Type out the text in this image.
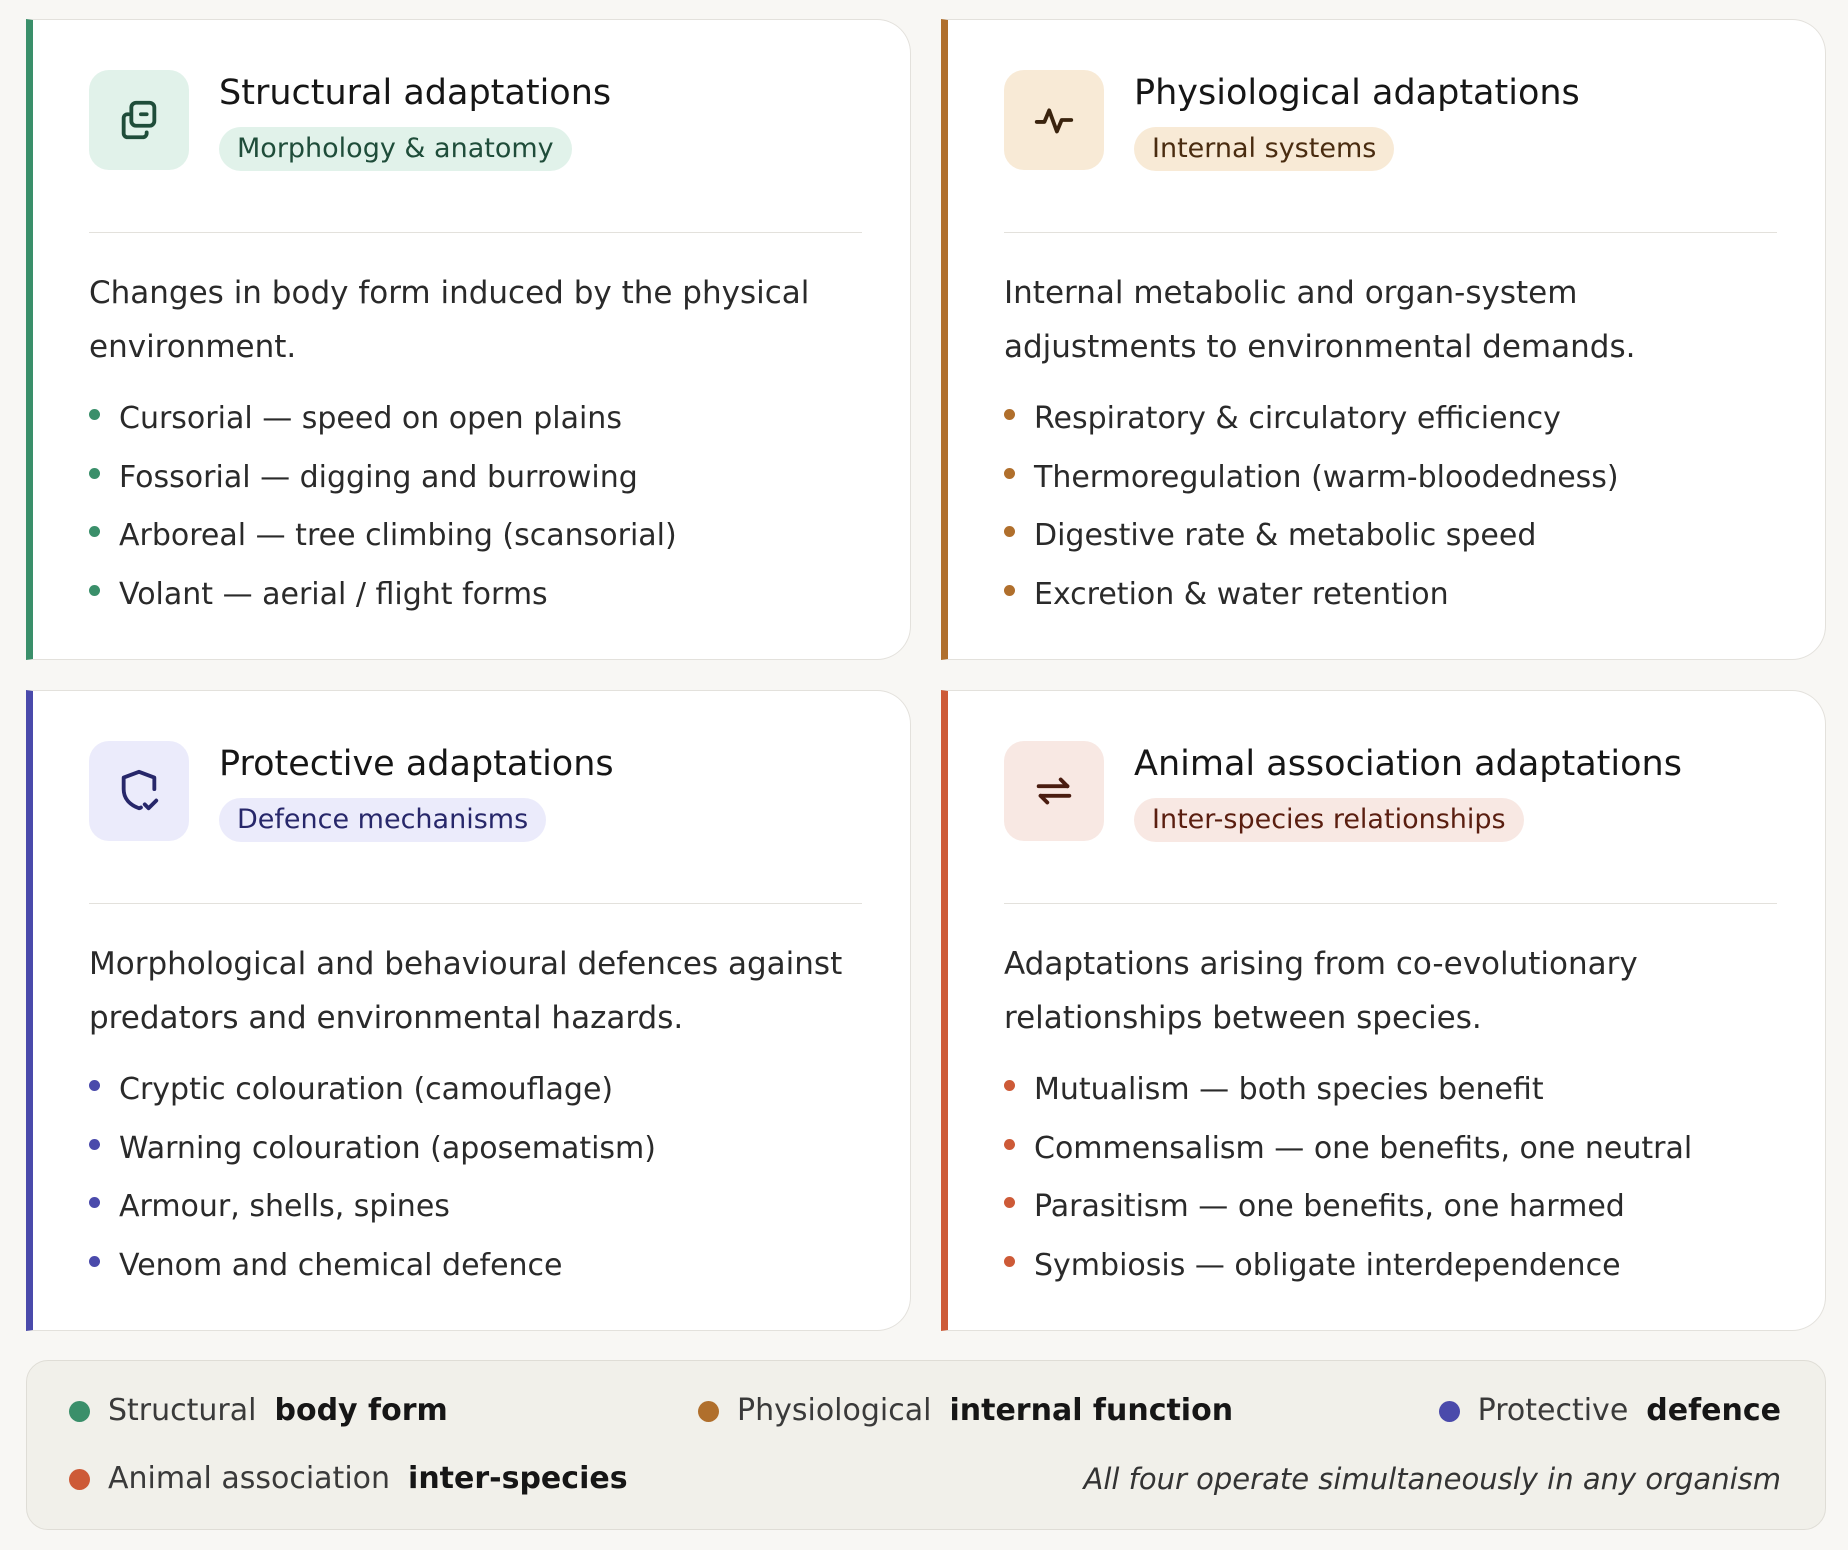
Structural adaptations
Morphology & anatomy
Changes in body form induced by the physical environment.
Cursorial — speed on open plains
Fossorial — digging and burrowing
Arboreal — tree climbing (scansorial)
Volant — aerial / flight forms
Physiological adaptations
Internal systems
Internal metabolic and organ-system adjustments to environmental demands.
Respiratory & circulatory efficiency
Thermoregulation (warm-bloodedness)
Digestive rate & metabolic speed
Excretion & water retention
Protective adaptations
Defence mechanisms
Morphological and behavioural defences against predators and environmental hazards.
Cryptic colouration (camouflage)
Warning colouration (aposematism)
Armour, shells, spines
Venom and chemical defence
Animal association adaptations
Inter-species relationships
Adaptations arising from co-evolutionary relationships between species.
Mutualism — both species benefit
Commensalism — one benefits, one neutral
Parasitism — one benefits, one harmed
Symbiosis — obligate interdependence
Structural body form	Physiological internal function	Protective defence
Animal association inter-species	All four operate simultaneously in any organism
